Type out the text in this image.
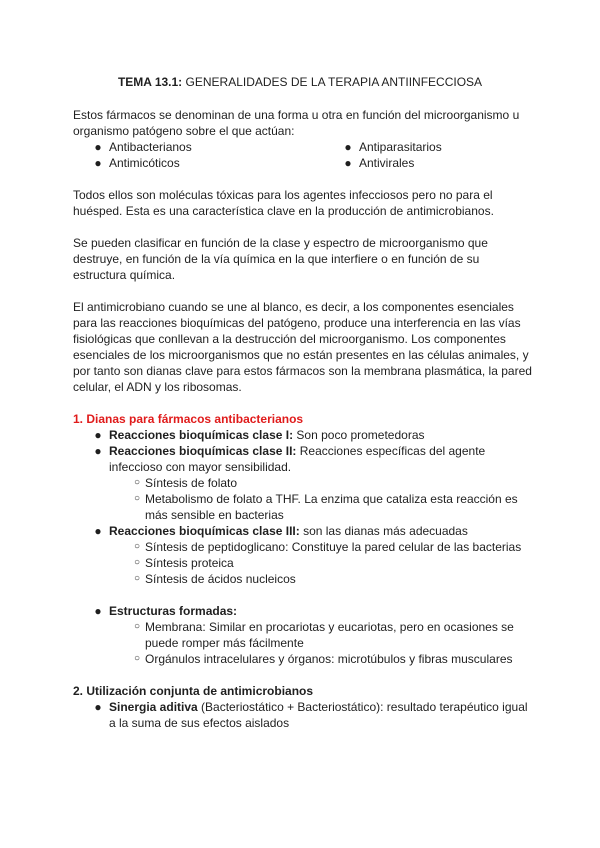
TEMA 13.1: GENERALIDADES DE LA TERAPIA ANTIINFECCIOSA

Estos fármacos se denominan de una forma u otra en función del microorganismo u organismo patógeno sobre el que actúan:

● Antibacterianos
● Antimicóticos
● Antiparasitarios
● Antivirales

Todos ellos son moléculas tóxicas para los agentes infecciosos pero no para el huésped. Esta es una característica clave en la producción de antimicrobianos.

Se pueden clasificar en función de la clase y espectro de microorganismo que destruye, en función de la vía química en la que interfiere o en función de su estructura química.

El antimicrobiano cuando se une al blanco, es decir, a los componentes esenciales para las reacciones bioquímicas del patógeno, produce una interferencia en las vías fisiológicas que conllevan a la destrucción del microorganismo. Los componentes esenciales de los microorganismos que no están presentes en las células animales, y por tanto son dianas clave para estos fármacos son la membrana plasmática, la pared celular, el ADN y los ribosomas.

1. Dianas para fármacos antibacterianos

● Reacciones bioquímicas clase I: Son poco prometedoras
● Reacciones bioquímicas clase II: Reacciones específicas del agente infeccioso con mayor sensibilidad.
○ Síntesis de folato
○ Metabolismo de folato a THF. La enzima que cataliza esta reacción es más sensible en bacterias
● Reacciones bioquímicas clase III: son las dianas más adecuadas
○ Síntesis de peptidoglicano: Constituye la pared celular de las bacterias
○ Síntesis proteica
○ Síntesis de ácidos nucleicos
● Estructuras formadas:
○ Membrana: Similar en procariotas y eucariotas, pero en ocasiones se puede romper más fácilmente
○ Orgánulos intracelulares y órganos: microtúbulos y fibras musculares

2. Utilización conjunta de antimicrobianos

● Sinergia aditiva (Bacteriostático + Bacteriostático): resultado terapéutico igual a la suma de sus efectos aislados
